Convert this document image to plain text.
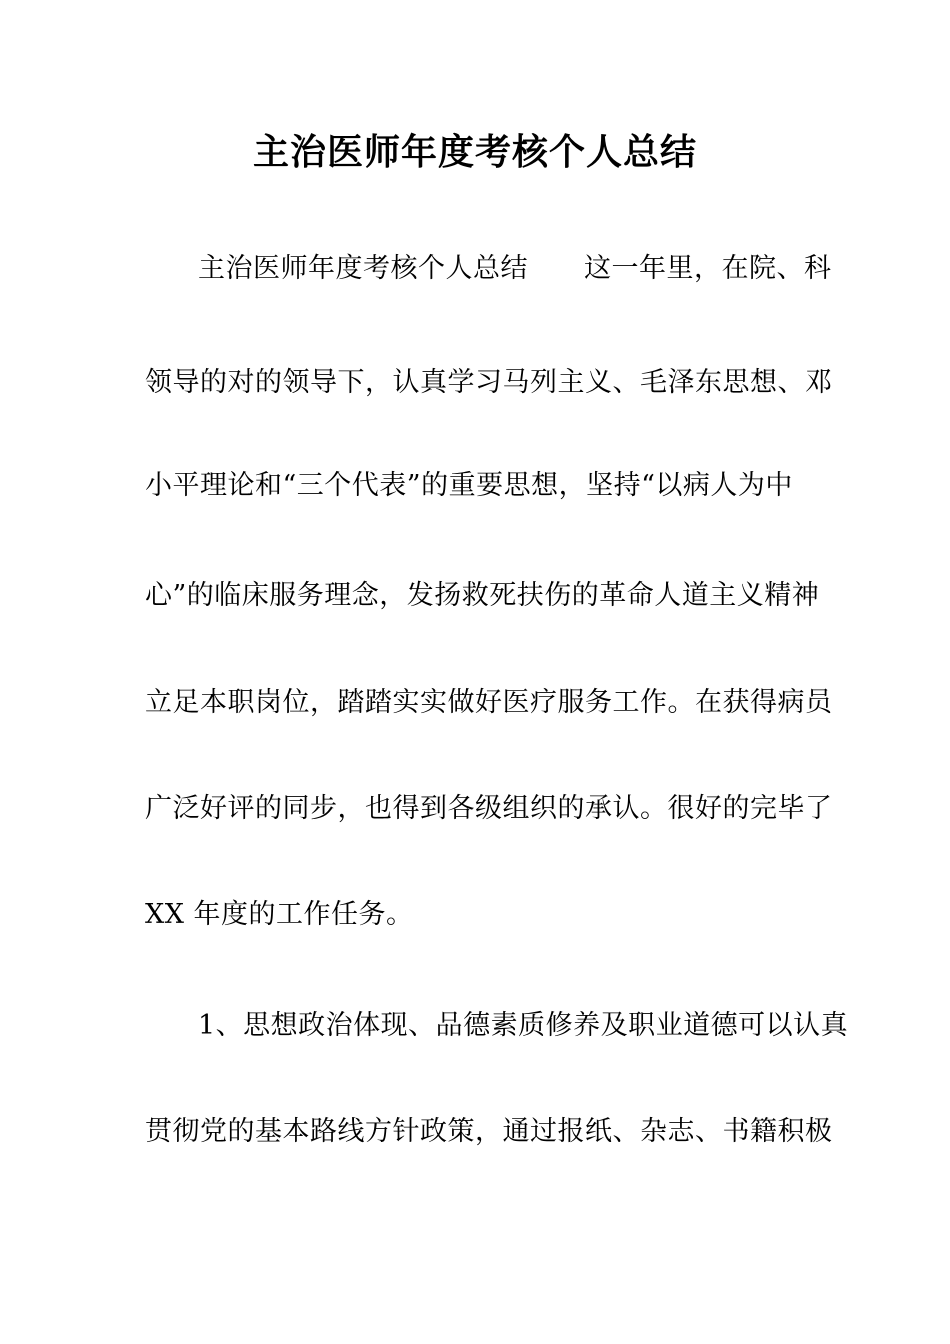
主治医师年度考核个人总结
主治医师年度考核个人总结 这一年里，在院、科
领导的对的领导下，认真学习马列主义、毛泽东思想、邓
小平理论和“三个代表”的重要思想，坚持“以病人为中
心”的临床服务理念，发扬救死扶伤的革命人道主义精神
立足本职岗位，踏踏实实做好医疗服务工作。在获得病员
广泛好评的同步，也得到各级组织的承认。很好的完毕了
XX 年度的工作任务。
1、思想政治体现、品德素质修养及职业道德可以认真
贯彻党的基本路线方针政策，通过报纸、杂志、书籍积极
